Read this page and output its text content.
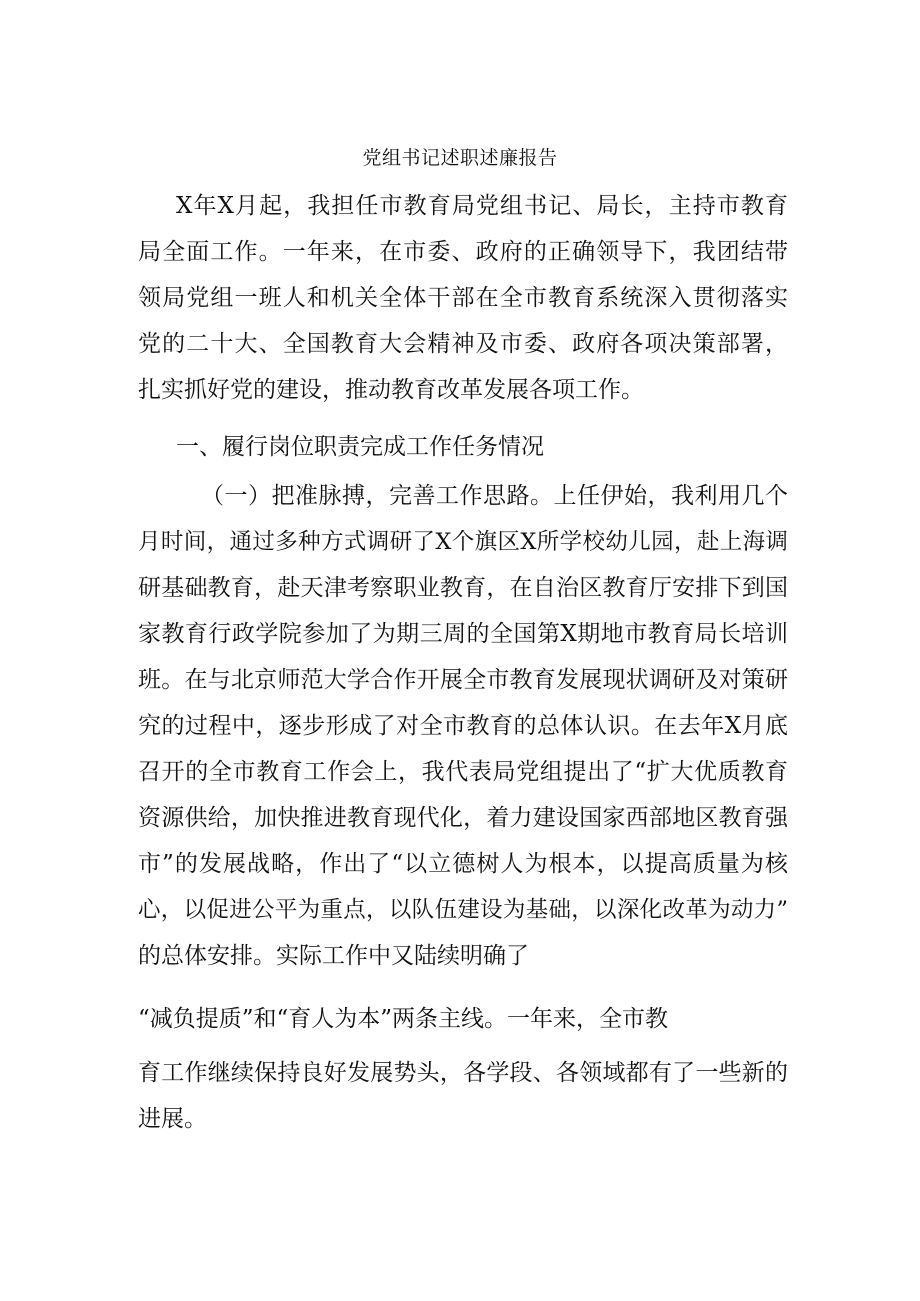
党组书记述职述廉报告

X年X月起，我担任市教育局党组书记、局长，主持市教育

局全面工作。一年来，在市委、政府的正确领导下，我团结带

领局党组一班人和机关全体干部在全市教育系统深入贯彻落实

党的二十大、全国教育大会精神及市委、政府各项决策部署，

扎实抓好党的建设，推动教育改革发展各项工作。

一、履行岗位职责完成工作任务情况

（一）把准脉搏，完善工作思路。上任伊始，我利用几个

月时间，通过多种方式调研了X个旗区X所学校幼儿园，赴上海调

研基础教育，赴天津考察职业教育，在自治区教育厅安排下到国

家教育行政学院参加了为期三周的全国第X期地市教育局长培训

班。在与北京师范大学合作开展全市教育发展现状调研及对策研

究的过程中，逐步形成了对全市教育的总体认识。在去年X月底

召开的全市教育工作会上，我代表局党组提出了“扩大优质教育

资源供给，加快推进教育现代化，着力建设国家西部地区教育强

市”的发展战略，作出了“以立德树人为根本，以提高质量为核

心，以促进公平为重点，以队伍建设为基础，以深化改革为动力”

的总体安排。实际工作中又陆续明确了

“减负提质”和“育人为本”两条主线。一年来，全市教

育工作继续保持良好发展势头，各学段、各领域都有了一些新的

进展。
